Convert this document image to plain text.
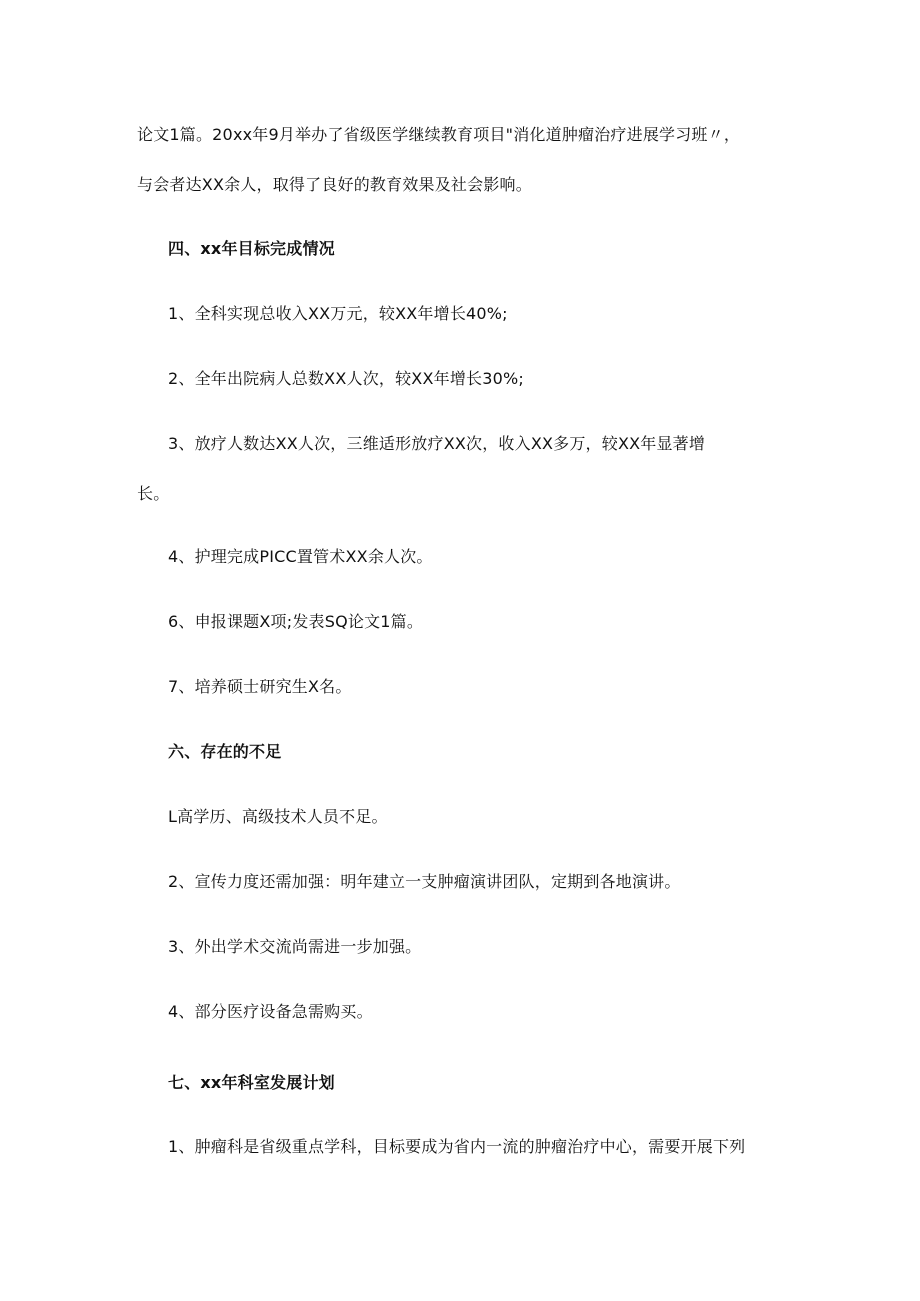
论文1篇。20xx年9月举办了省级医学继续教育项目"消化道肿瘤治疗进展学习班〃，
与会者达XX余人，取得了良好的教育效果及社会影响。
四、xx年目标完成情况
1、全科实现总收入XX万元，较XX年增长40%;
2、全年出院病人总数XX人次，较XX年增长30%;
3、放疗人数达XX人次，三维适形放疗XX次，收入XX多万，较XX年显著增
长。
4、护理完成PICC置管术XX余人次。
6、申报课题X项;发表SQ论文1篇。
7、培养硕士研究生X名。
六、存在的不足
L高学历、高级技术人员不足。
2、宣传力度还需加强：明年建立一支肿瘤演讲团队，定期到各地演讲。
3、外出学术交流尚需进一步加强。
4、部分医疗设备急需购买。
七、xx年科室发展计划
1、肿瘤科是省级重点学科，目标要成为省内一流的肿瘤治疗中心，需要开展下列
